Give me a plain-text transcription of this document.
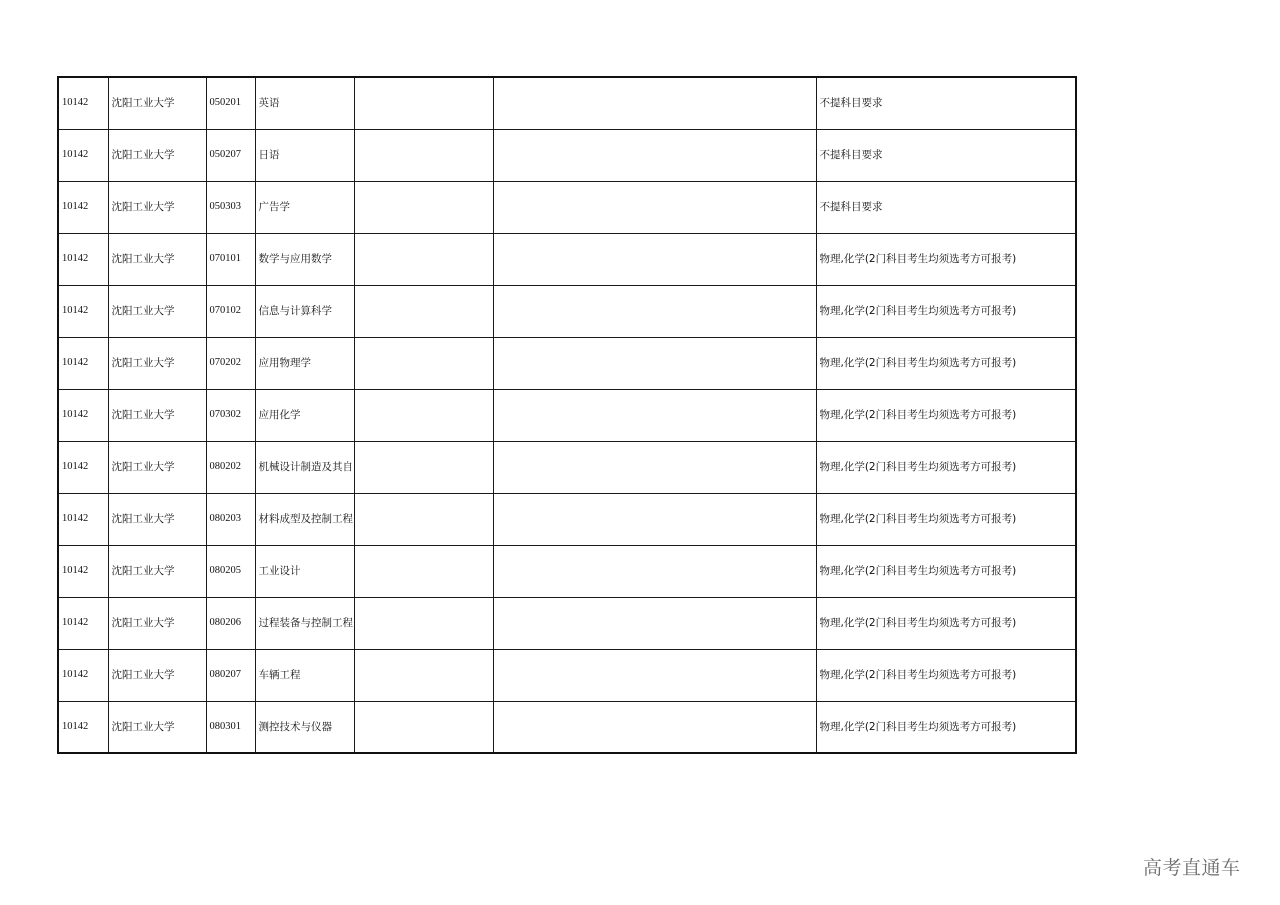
10142	沈阳工业大学	050201	英语			不提科目要求
10142	沈阳工业大学	050207	日语			不提科目要求
10142	沈阳工业大学	050303	广告学			不提科目要求
10142	沈阳工业大学	070101	数学与应用数学			物理,化学(2门科目考生均须选考方可报考)
10142	沈阳工业大学	070102	信息与计算科学			物理,化学(2门科目考生均须选考方可报考)
10142	沈阳工业大学	070202	应用物理学			物理,化学(2门科目考生均须选考方可报考)
10142	沈阳工业大学	070302	应用化学			物理,化学(2门科目考生均须选考方可报考)
10142	沈阳工业大学	080202	机械设计制造及其自			物理,化学(2门科目考生均须选考方可报考)
10142	沈阳工业大学	080203	材料成型及控制工程			物理,化学(2门科目考生均须选考方可报考)
10142	沈阳工业大学	080205	工业设计			物理,化学(2门科目考生均须选考方可报考)
10142	沈阳工业大学	080206	过程装备与控制工程			物理,化学(2门科目考生均须选考方可报考)
10142	沈阳工业大学	080207	车辆工程			物理,化学(2门科目考生均须选考方可报考)
10142	沈阳工业大学	080301	测控技术与仪器			物理,化学(2门科目考生均须选考方可报考)
高考直通车
